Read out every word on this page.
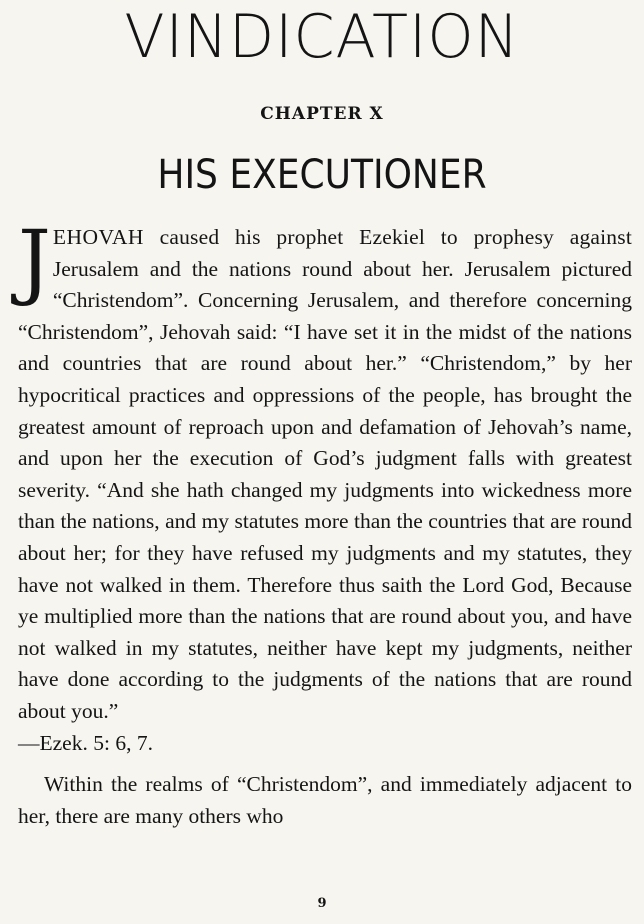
VINDICATION
CHAPTER X
HIS EXECUTIONER

JEHOVAH caused his prophet Ezekiel to prophesy against Jerusalem and the nations round about her. Jerusalem pictured “Christendom”. Concerning Jerusalem, and therefore concerning “Christendom”, Jehovah said: “I have set it in the midst of the nations and countries that are round about her.” “Christendom,” by her hypocritical practices and oppressions of the people, has brought the greatest amount of reproach upon and defamation of Jehovah’s name, and upon her the execution of God’s judgment falls with greatest severity. “And she hath changed my judgments into wickedness more than the nations, and my statutes more than the countries that are round about her; for they have refused my judgments and my statutes, they have not walked in them. Therefore thus saith the Lord God, Because ye multiplied more than the nations that are round about you, and have not walked in my statutes, neither have kept my judgments, neither have done according to the judgments of the nations that are round about you.”
—Ezek. 5: 6, 7.

Within the realms of “Christendom”, and immediately adjacent to her, there are many others who

9
